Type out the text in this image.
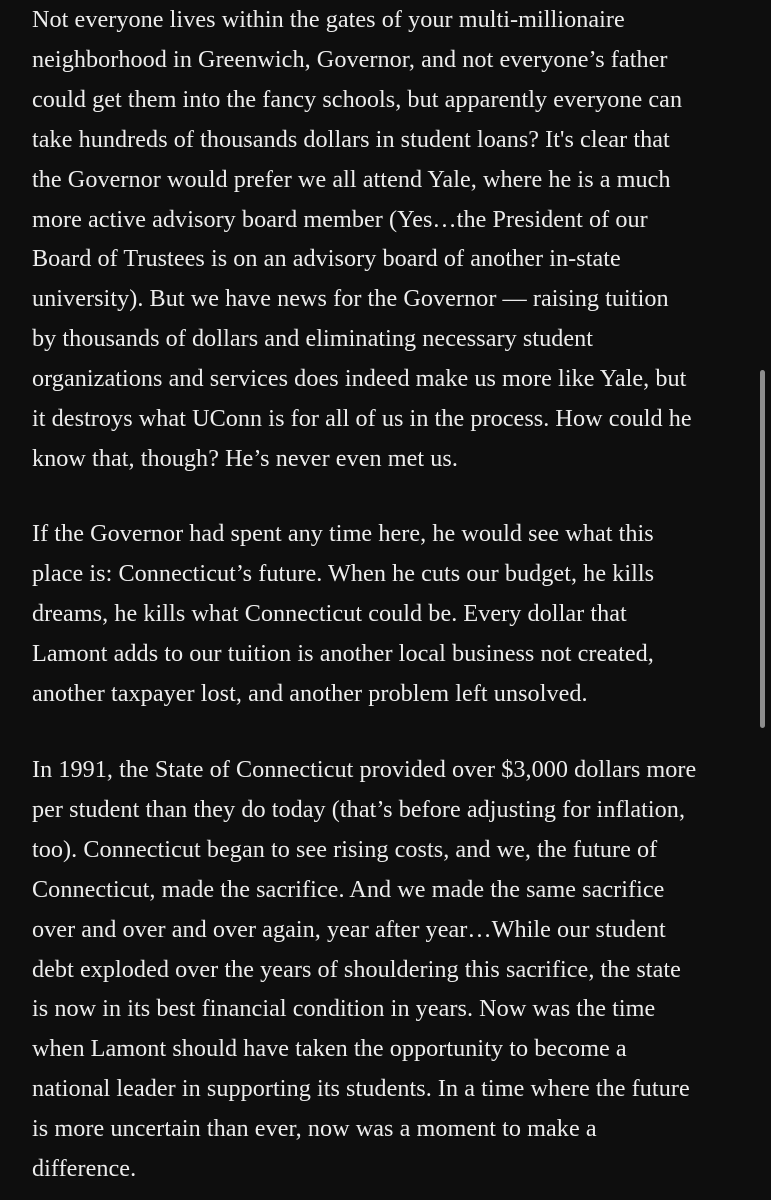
Not everyone lives within the gates of your multi-millionaire
neighborhood in Greenwich, Governor, and not everyone’s father
could get them into the fancy schools, but apparently everyone can
take hundreds of thousands dollars in student loans? It's clear that
the Governor would prefer we all attend Yale, where he is a much
more active advisory board member (Yes…the President of our
Board of Trustees is on an advisory board of another in-state
university). But we have news for the Governor — raising tuition
by thousands of dollars and eliminating necessary student
organizations and services does indeed make us more like Yale, but
it destroys what UConn is for all of us in the process. How could he
know that, though? He’s never even met us.

If the Governor had spent any time here, he would see what this
place is: Connecticut’s future. When he cuts our budget, he kills
dreams, he kills what Connecticut could be. Every dollar that
Lamont adds to our tuition is another local business not created,
another taxpayer lost, and another problem left unsolved.

In 1991, the State of Connecticut provided over $3,000 dollars more
per student than they do today (that’s before adjusting for inflation,
too). Connecticut began to see rising costs, and we, the future of
Connecticut, made the sacrifice. And we made the same sacrifice
over and over and over again, year after year…While our student
debt exploded over the years of shouldering this sacrifice, the state
is now in its best financial condition in years. Now was the time
when Lamont should have taken the opportunity to become a
national leader in supporting its students. In a time where the future
is more uncertain than ever, now was a moment to make a
difference.
